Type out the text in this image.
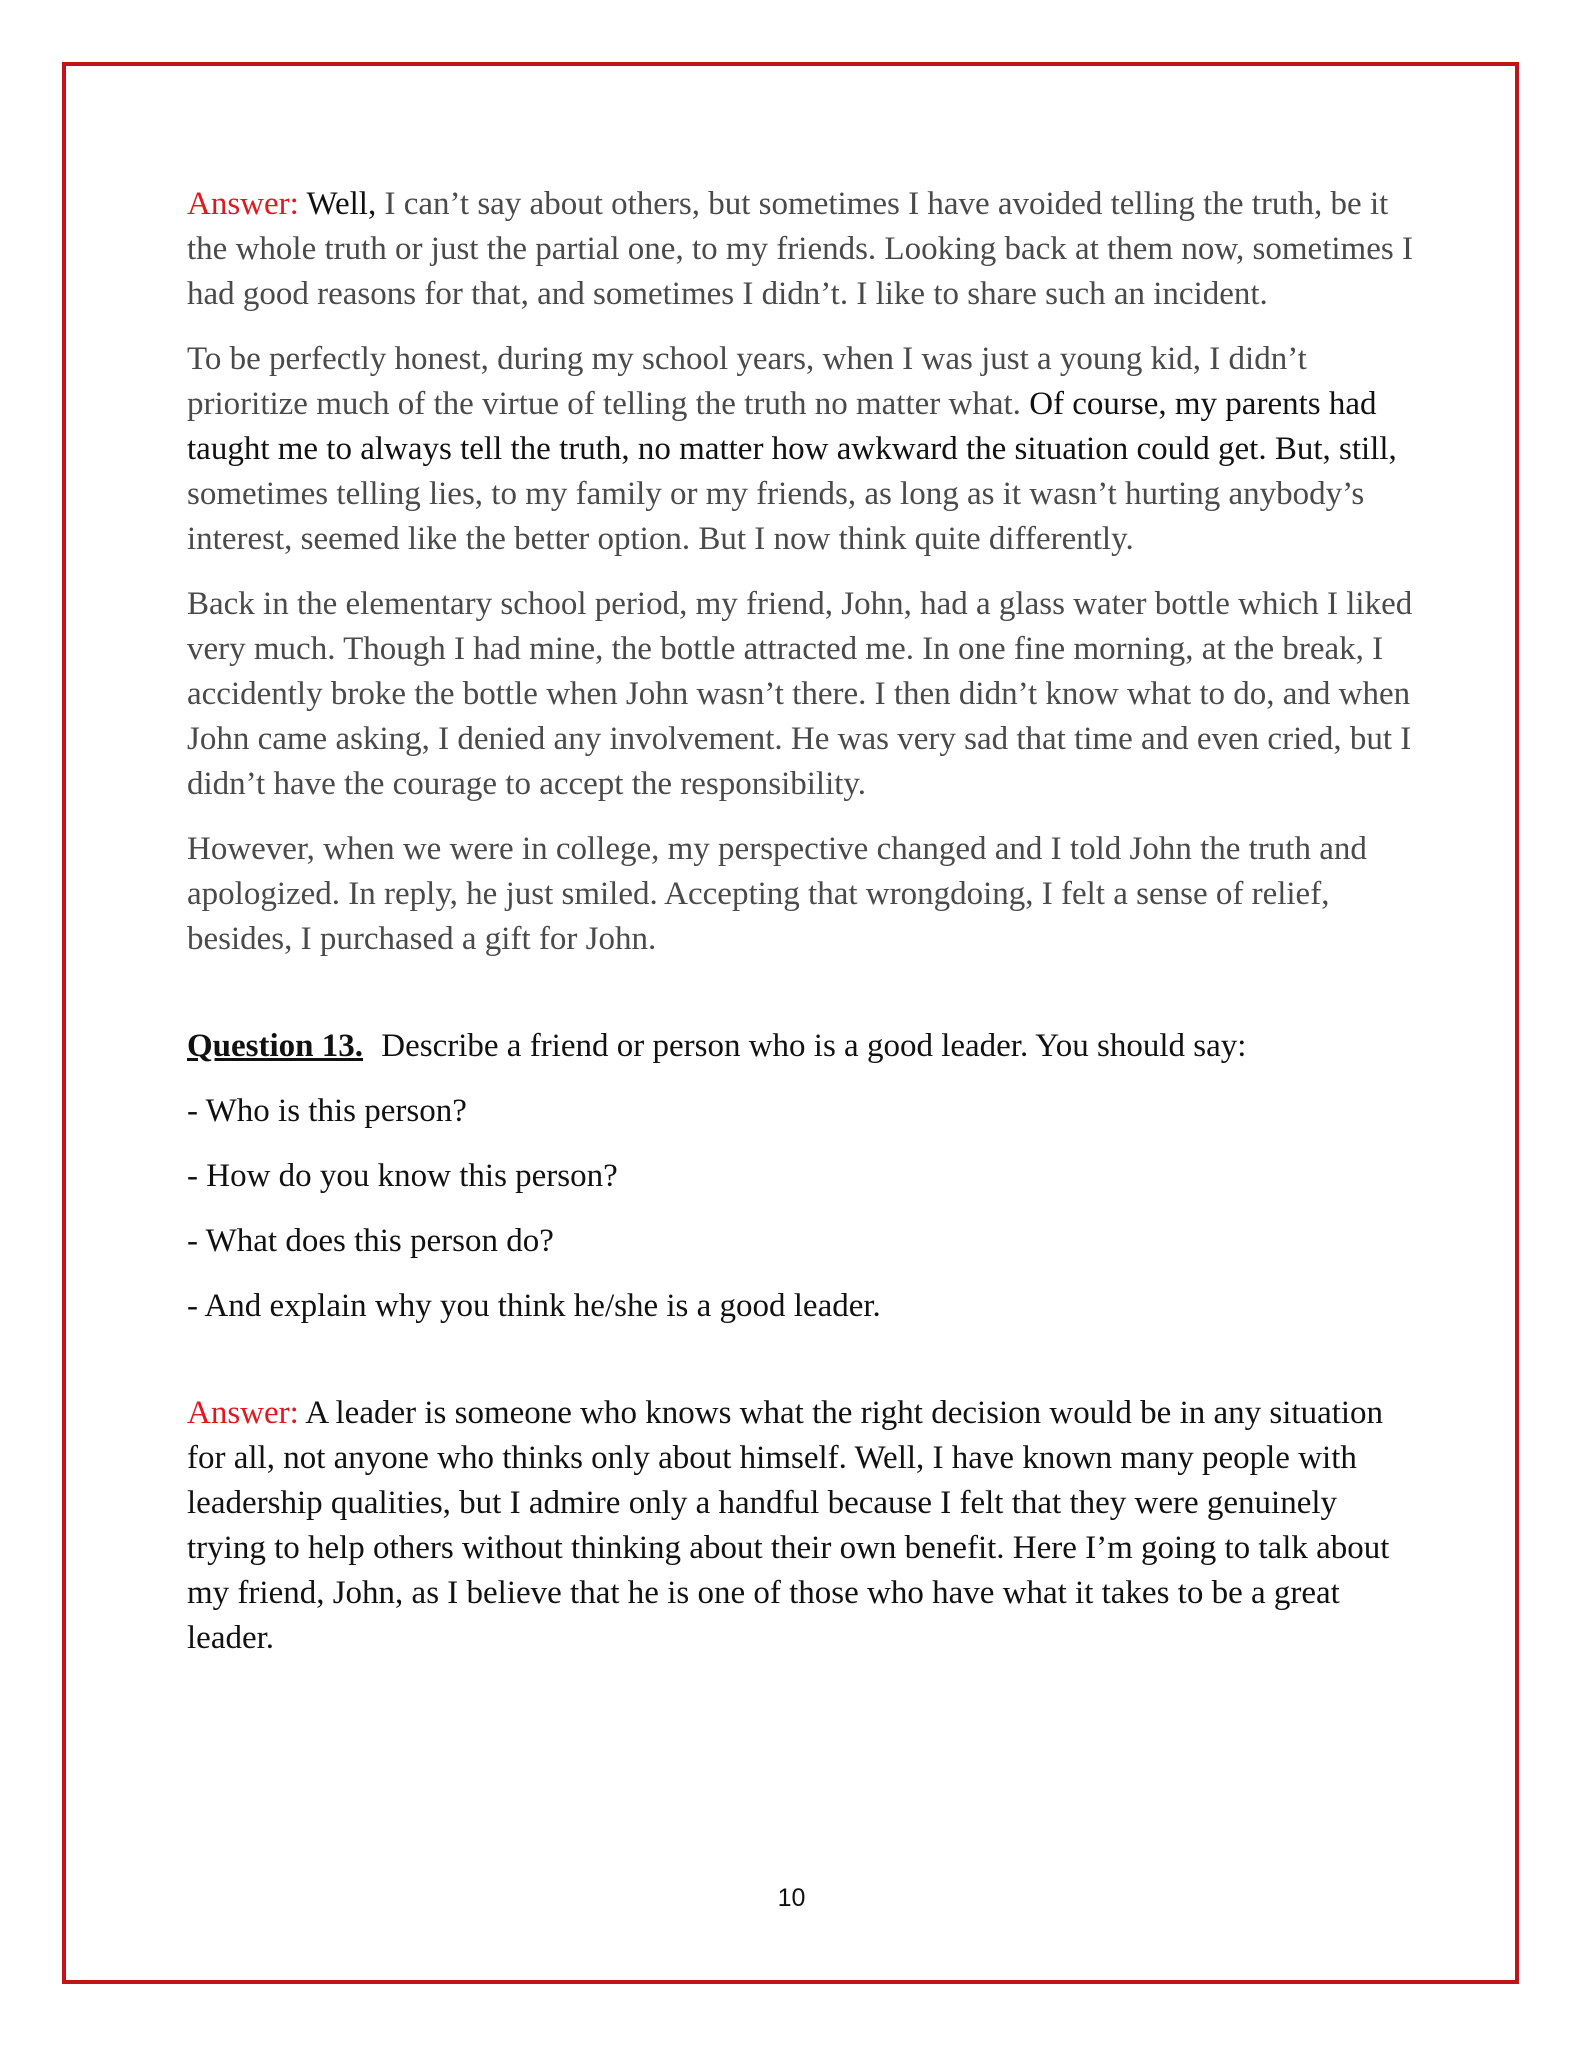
Answer: Well, I can’t say about others, but sometimes I have avoided telling the truth, be it the whole truth or just the partial one, to my friends. Looking back at them now, sometimes I had good reasons for that, and sometimes I didn’t. I like to share such an incident.

To be perfectly honest, during my school years, when I was just a young kid, I didn’t prioritize much of the virtue of telling the truth no matter what. Of course, my parents had taught me to always tell the truth, no matter how awkward the situation could get. But, still, sometimes telling lies, to my family or my friends, as long as it wasn’t hurting anybody’s interest, seemed like the better option. But I now think quite differently.

Back in the elementary school period, my friend, John, had a glass water bottle which I liked very much. Though I had mine, the bottle attracted me. In one fine morning, at the break, I accidently broke the bottle when John wasn’t there. I then didn’t know what to do, and when John came asking, I denied any involvement. He was very sad that time and even cried, but I didn’t have the courage to accept the responsibility.

However, when we were in college, my perspective changed and I told John the truth and apologized. In reply, he just smiled. Accepting that wrongdoing, I felt a sense of relief, besides, I purchased a gift for John.

Question 13. Describe a friend or person who is a good leader. You should say:

- Who is this person?

- How do you know this person?

- What does this person do?

- And explain why you think he/she is a good leader.

Answer: A leader is someone who knows what the right decision would be in any situation for all, not anyone who thinks only about himself. Well, I have known many people with leadership qualities, but I admire only a handful because I felt that they were genuinely trying to help others without thinking about their own benefit. Here I’m going to talk about my friend, John, as I believe that he is one of those who have what it takes to be a great leader.

10
